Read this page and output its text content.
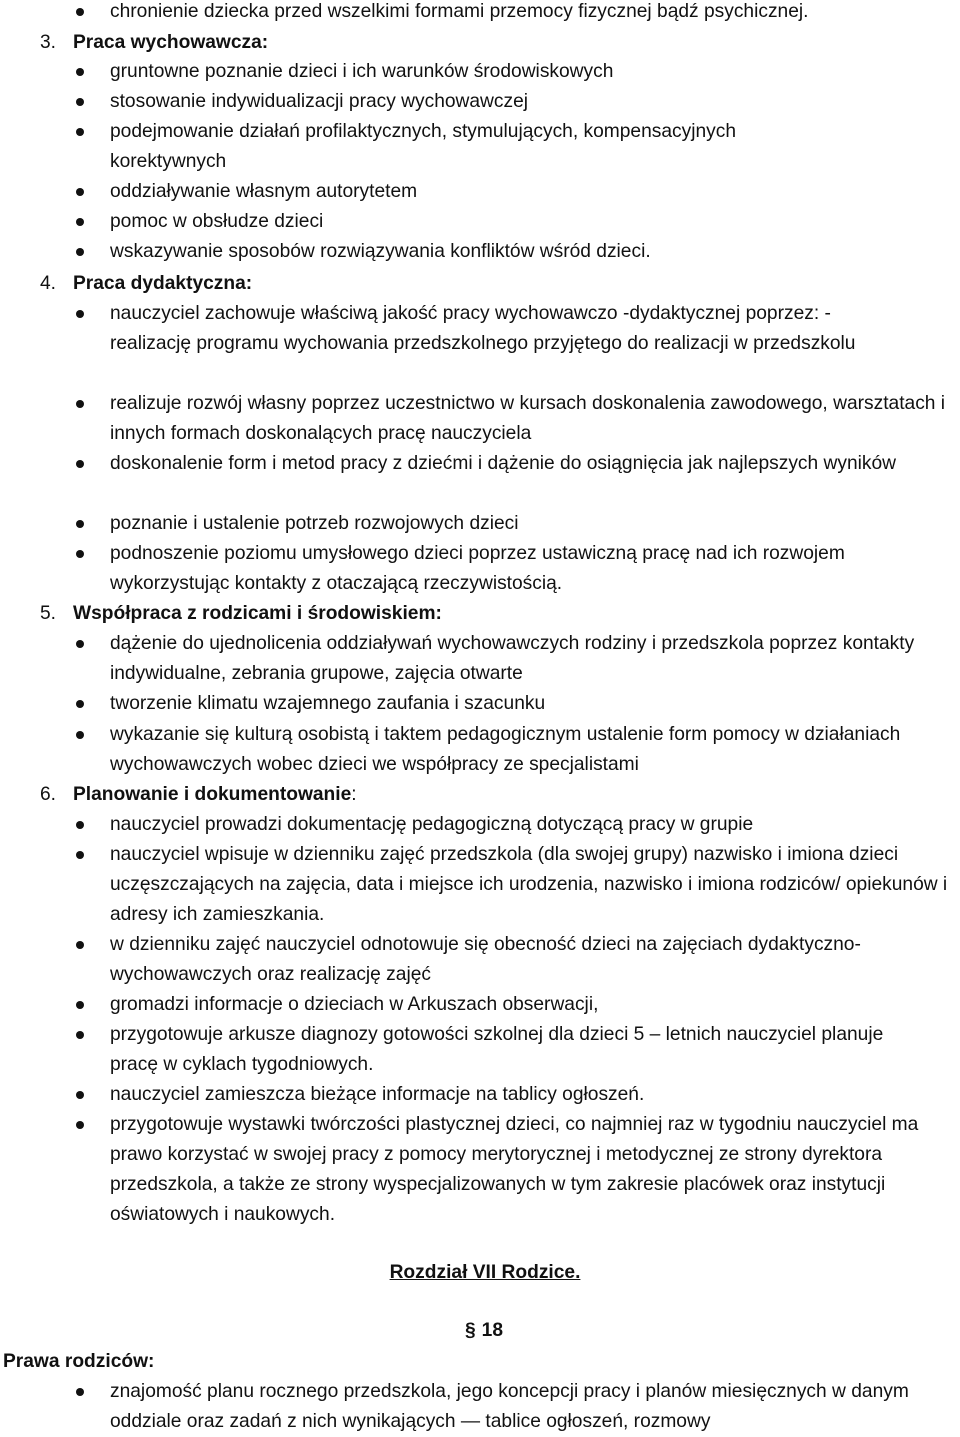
chronienie dziecka przed wszelkimi formami przemocy fizycznej bądź psychicznej.
3. Praca wychowawcza:
gruntowne poznanie dzieci i ich warunków środowiskowych
stosowanie indywidualizacji pracy wychowawczej
podejmowanie działań profilaktycznych, stymulujących, kompensacyjnych korektywnych
oddziaływanie własnym autorytetem
pomoc w obsłudze dzieci
wskazywanie sposobów rozwiązywania konfliktów wśród dzieci.
4. Praca dydaktyczna:
nauczyciel zachowuje właściwą jakość pracy wychowawczo -dydaktycznej poprzez: - realizację programu wychowania przedszkolnego przyjętego do realizacji w przedszkolu
realizuje rozwój własny poprzez uczestnictwo w kursach doskonalenia zawodowego, warsztatach i innych formach doskonalących pracę nauczyciela
doskonalenie form i metod pracy z dziećmi i dążenie do osiągnięcia jak najlepszych wyników
poznanie i ustalenie potrzeb rozwojowych dzieci
podnoszenie poziomu umysłowego dzieci poprzez ustawiczną pracę nad ich rozwojem wykorzystując kontakty z otaczającą rzeczywistością.
5. Współpraca z rodzicami i środowiskiem:
dążenie do ujednolicenia oddziaływań wychowawczych rodziny i przedszkola poprzez kontakty indywidualne, zebrania grupowe, zajęcia otwarte
tworzenie klimatu wzajemnego zaufania i szacunku
wykazanie się kulturą osobistą i taktem pedagogicznym ustalenie form pomocy w działaniach wychowawczych wobec dzieci we współpracy ze specjalistami
6. Planowanie i dokumentowanie:
nauczyciel prowadzi dokumentację pedagogiczną dotyczącą pracy w grupie
nauczyciel wpisuje w dzienniku zajęć przedszkola (dla swojej grupy) nazwisko i imiona dzieci uczęszczających na zajęcia, data i miejsce ich urodzenia, nazwisko i imiona rodziców/ opiekunów i adresy ich zamieszkania.
w dzienniku zajęć nauczyciel odnotowuje się obecność dzieci na zajęciach dydaktyczno-wychowawczych oraz realizację zajęć
gromadzi informacje o dzieciach w Arkuszach obserwacji,
przygotowuje arkusze diagnozy gotowości szkolnej dla dzieci 5 – letnich nauczyciel planuje pracę w cyklach tygodniowych.
nauczyciel zamieszcza bieżące informacje na tablicy ogłoszeń.
przygotowuje wystawki twórczości plastycznej dzieci, co najmniej raz w tygodniu nauczyciel ma prawo korzystać w swojej pracy z pomocy merytorycznej i metodycznej ze strony dyrektora przedszkola, a także ze strony wyspecjalizowanych w tym zakresie placówek oraz instytucji oświatowych i naukowych.
Rozdział VII Rodzice.
§ 18
Prawa rodziców:
znajomość planu rocznego przedszkola, jego koncepcji pracy i planów miesięcznych w danym oddziale oraz zadań z nich wynikających — tablice ogłoszeń, rozmowy
